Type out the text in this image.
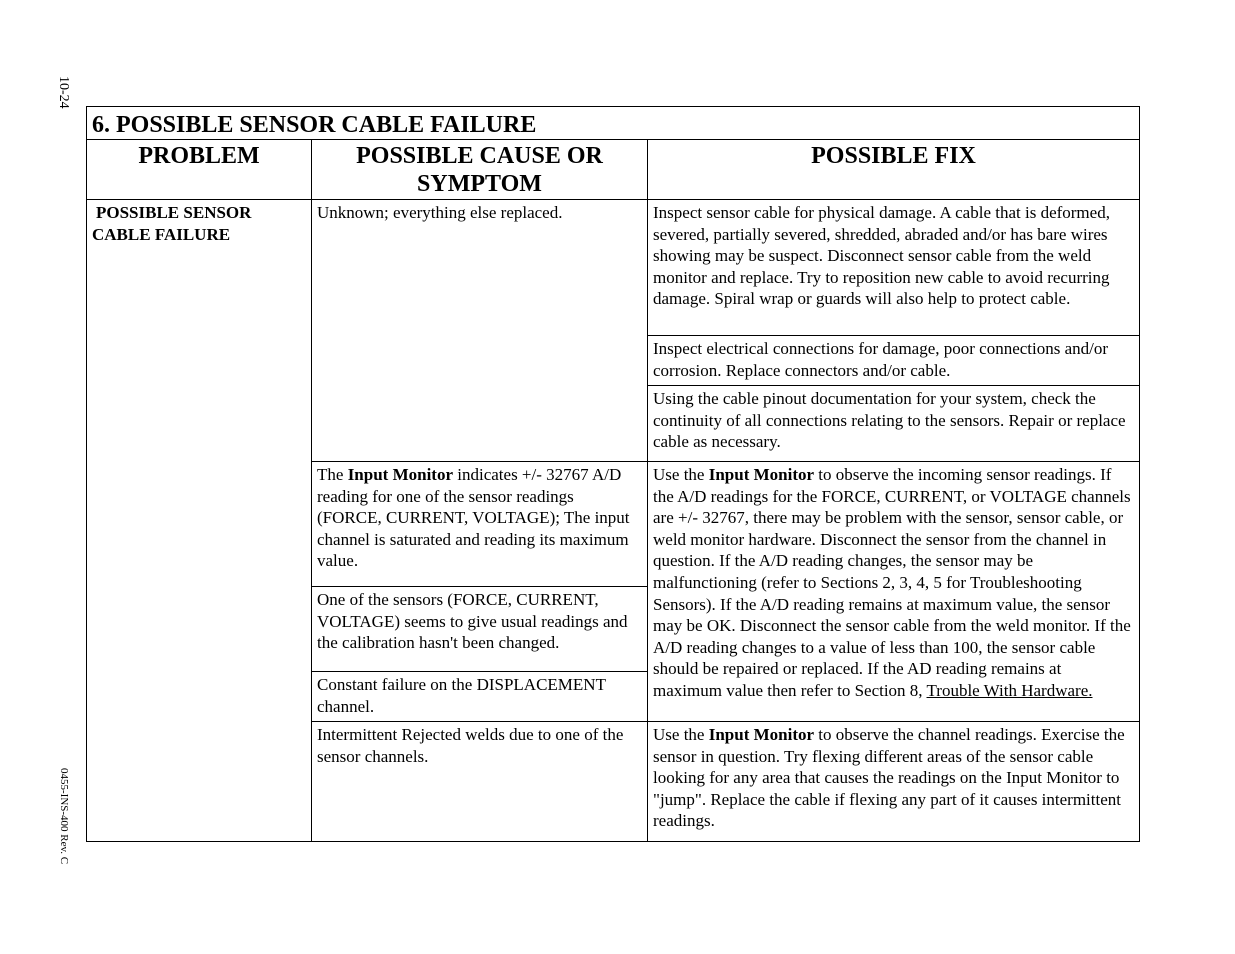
10-24
0455-INS-400 Rev. C
6. POSSIBLE SENSOR CABLE FAILURE
PROBLEM	POSSIBLE CAUSE OR SYMPTOM
POSSIBLE FIX
POSSIBLE SENSOR CABLE FAILURE
Unknown; everything else replaced.
The Input Monitor indicates +/- 32767 A/D reading for one of the sensor readings (FORCE, CURRENT, VOLTAGE); The input channel is saturated and reading its maximum value.
One of the sensors (FORCE, CURRENT, VOLTAGE) seems to give usual readings and the calibration hasn't been changed.
Constant failure on the DISPLACEMENT channel.
Intermittent Rejected welds due to one of the sensor channels.
Inspect sensor cable for physical damage. A cable that is deformed, severed, partially severed, shredded, abraded and/or has bare wires showing may be suspect. Disconnect sensor cable from the weld monitor and replace. Try to reposition new cable to avoid recurring damage. Spiral wrap or guards will also help to protect cable.
Inspect electrical connections for damage, poor connections and/or corrosion. Replace connectors and/or cable.
Using the cable pinout documentation for your system, check the continuity of all connections relating to the sensors. Repair or replace cable as necessary.
Use the Input Monitor to observe the incoming sensor readings. If the A/D readings for the FORCE, CURRENT, or VOLTAGE channels are +/- 32767, there may be problem with the sensor, sensor cable, or weld monitor hardware. Disconnect the sensor from the channel in question. If the A/D reading changes, the sensor may be malfunctioning (refer to Sections 2, 3, 4, 5 for Troubleshooting Sensors). If the A/D reading remains at maximum value, the sensor may be OK. Disconnect the sensor cable from the weld monitor. If the A/D reading changes to a value of less than 100, the sensor cable should be repaired or replaced. If the AD reading remains at maximum value then refer to Section 8, Trouble With Hardware.
Use the Input Monitor to observe the channel readings. Exercise the sensor in question. Try flexing different areas of the sensor cable looking for any area that causes the readings on the Input Monitor to "jump". Replace the cable if flexing any part of it causes intermittent readings.
